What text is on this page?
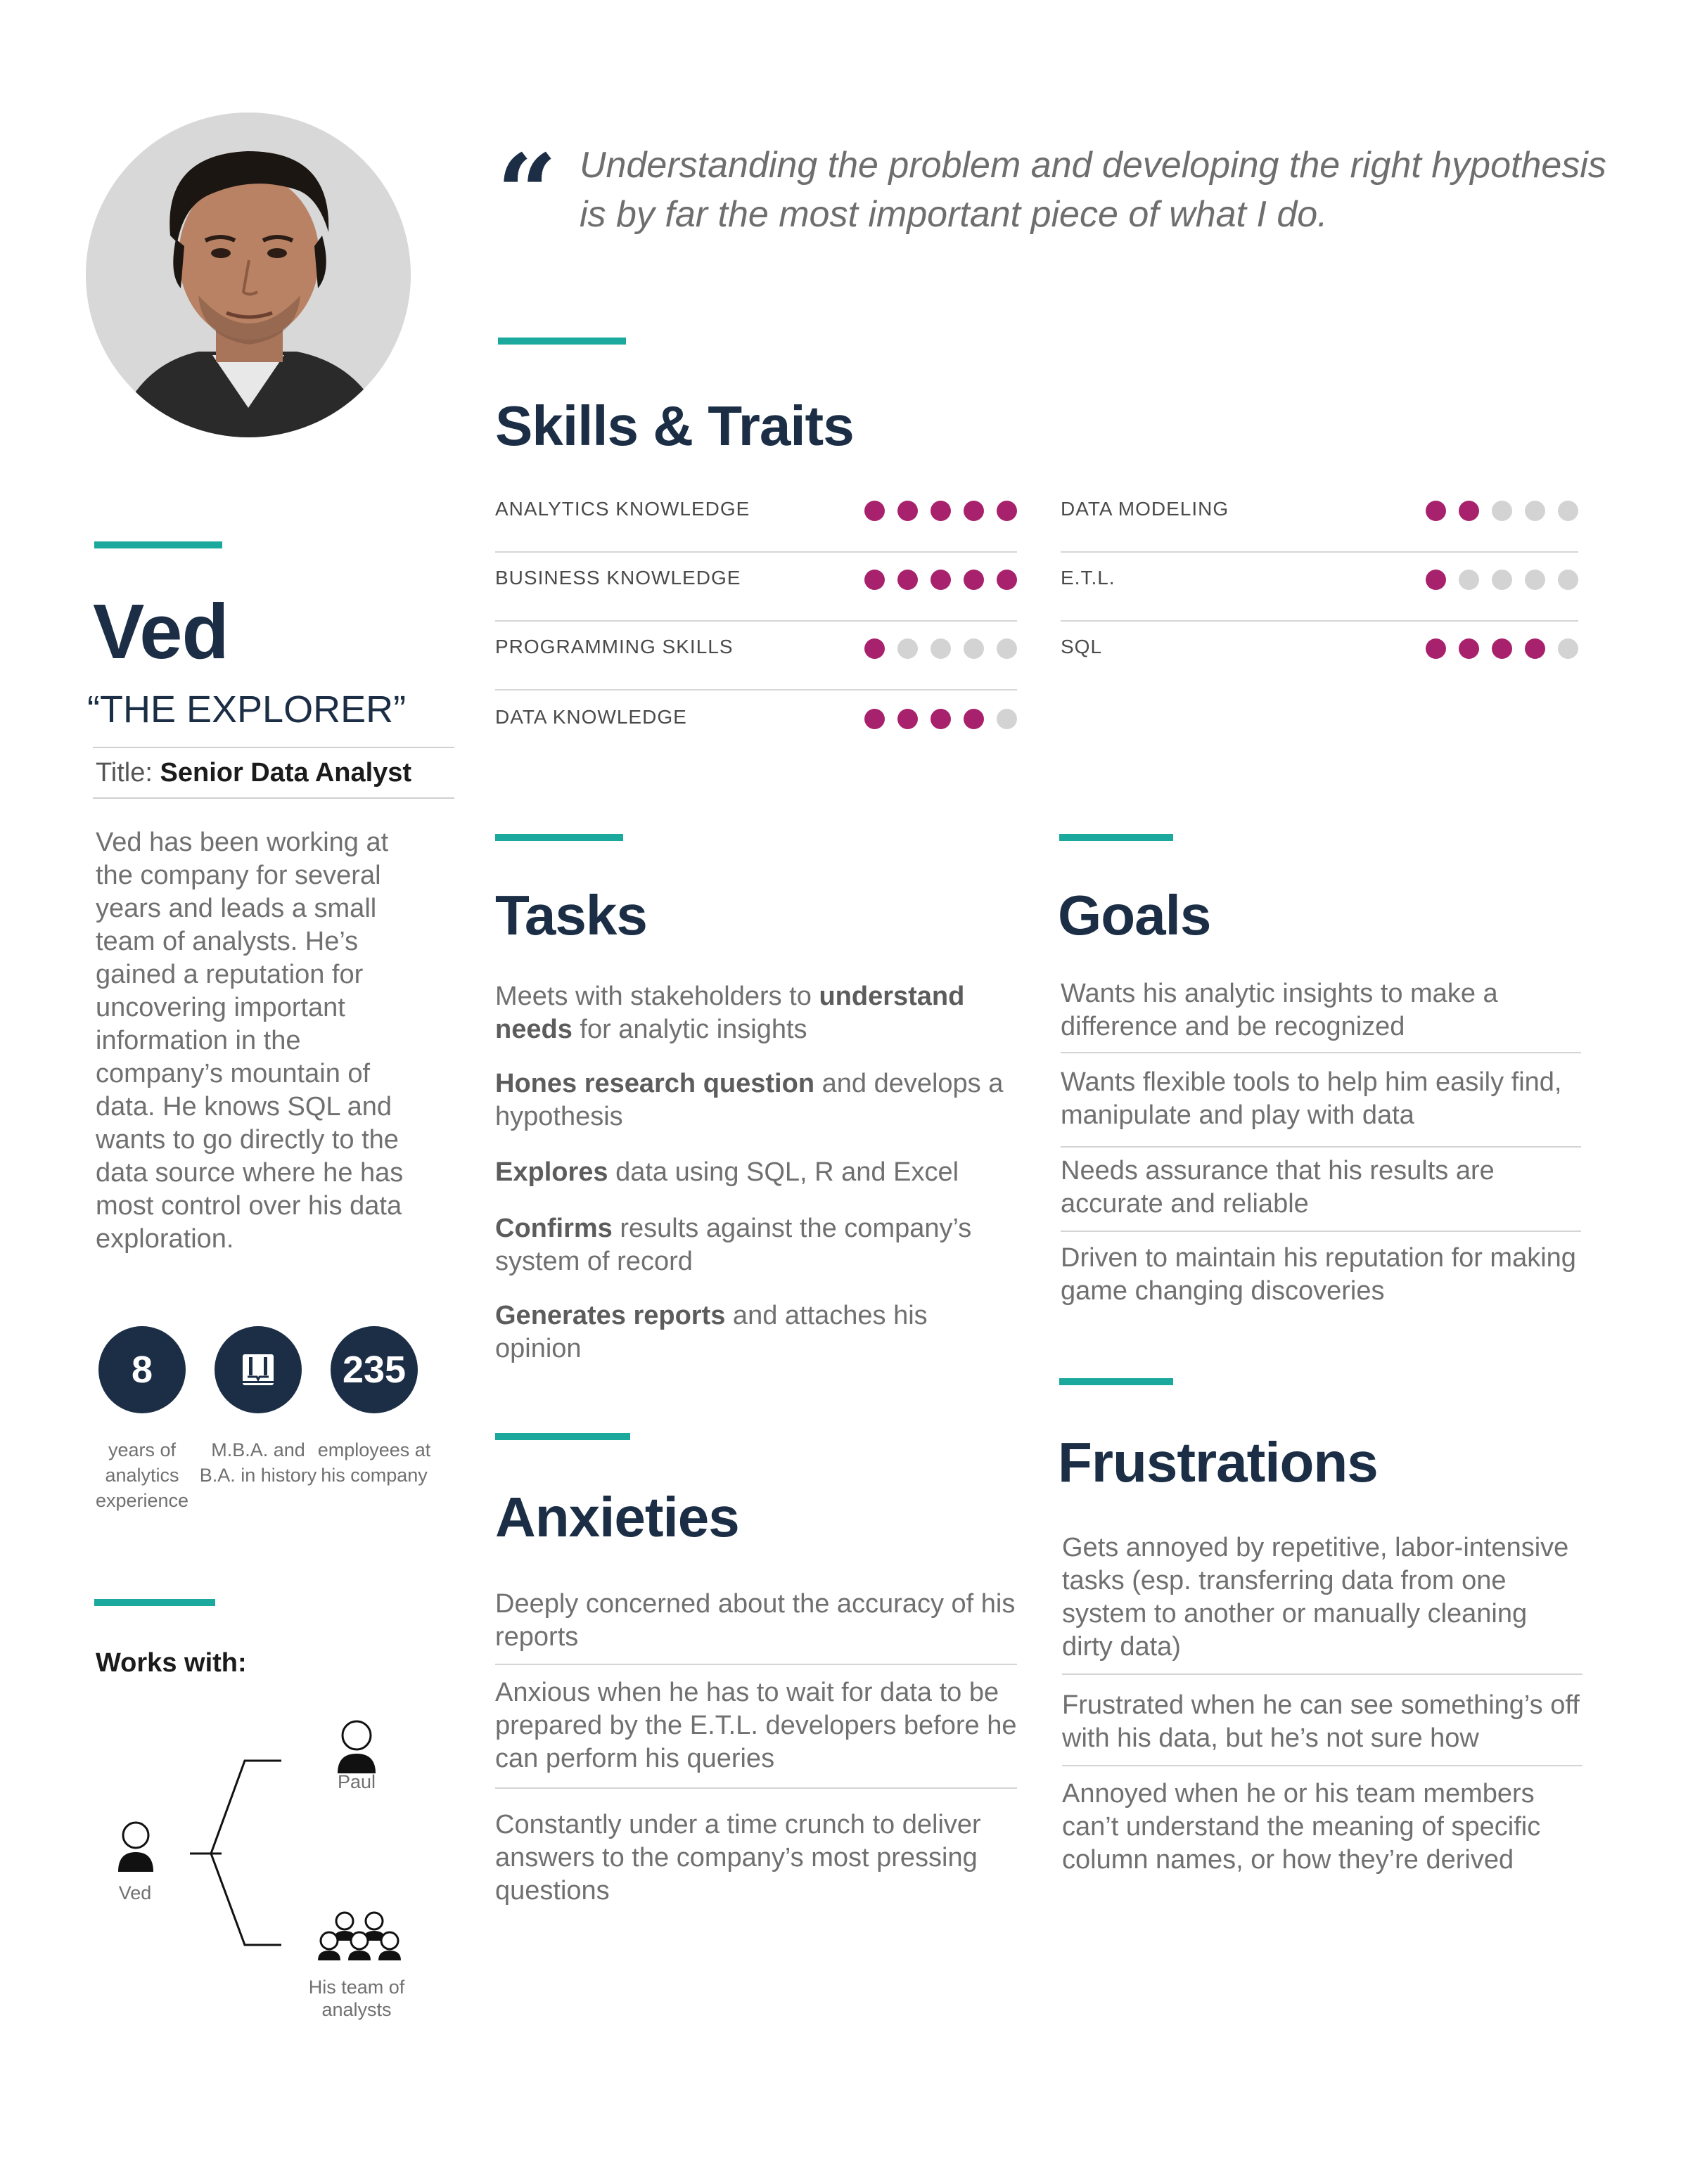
Ved
“THE EXPLORER”
Title: Senior Data Analyst
Ved has been working at the company for several years and leads a small team of analysts. He’s gained a reputation for uncovering important information in the company’s mountain of data. He knows SQL and wants to go directly to the data source where he has most control over his data exploration.
8	235
years of analytics experience
M.B.A. and B.A. in history
employees at his company
Works with:
Ved
Paul
His team of analysts
“ Understanding the problem and developing the right hypothesis is by far the most important piece of what I do.
Skills & Traits
ANALYTICS KNOWLEDGE
BUSINESS KNOWLEDGE
PROGRAMMING SKILLS
DATA KNOWLEDGE
DATA MODELING
E.T.L.
SQL
Tasks
Meets with stakeholders to understand needs for analytic insights
Hones research question and develops a hypothesis
Explores data using SQL, R and Excel
Confirms results against the company’s system of record
Generates reports and attaches his opinion
Goals
Wants his analytic insights to make a difference and be recognized
Wants flexible tools to help him easily find, manipulate and play with data
Needs assurance that his results are accurate and reliable
Driven to maintain his reputation for making game changing discoveries
Anxieties
Deeply concerned about the accuracy of his reports
Anxious when he has to wait for data to be prepared by the E.T.L. developers before he can perform his queries
Constantly under a time crunch to deliver answers to the company’s most pressing questions
Frustrations
Gets annoyed by repetitive, labor-intensive tasks (esp. transferring data from one system to another or manually cleaning dirty data)
Frustrated when he can see something’s off with his data, but he’s not sure how
Annoyed when he or his team members can’t understand the meaning of specific column names, or how they’re derived
